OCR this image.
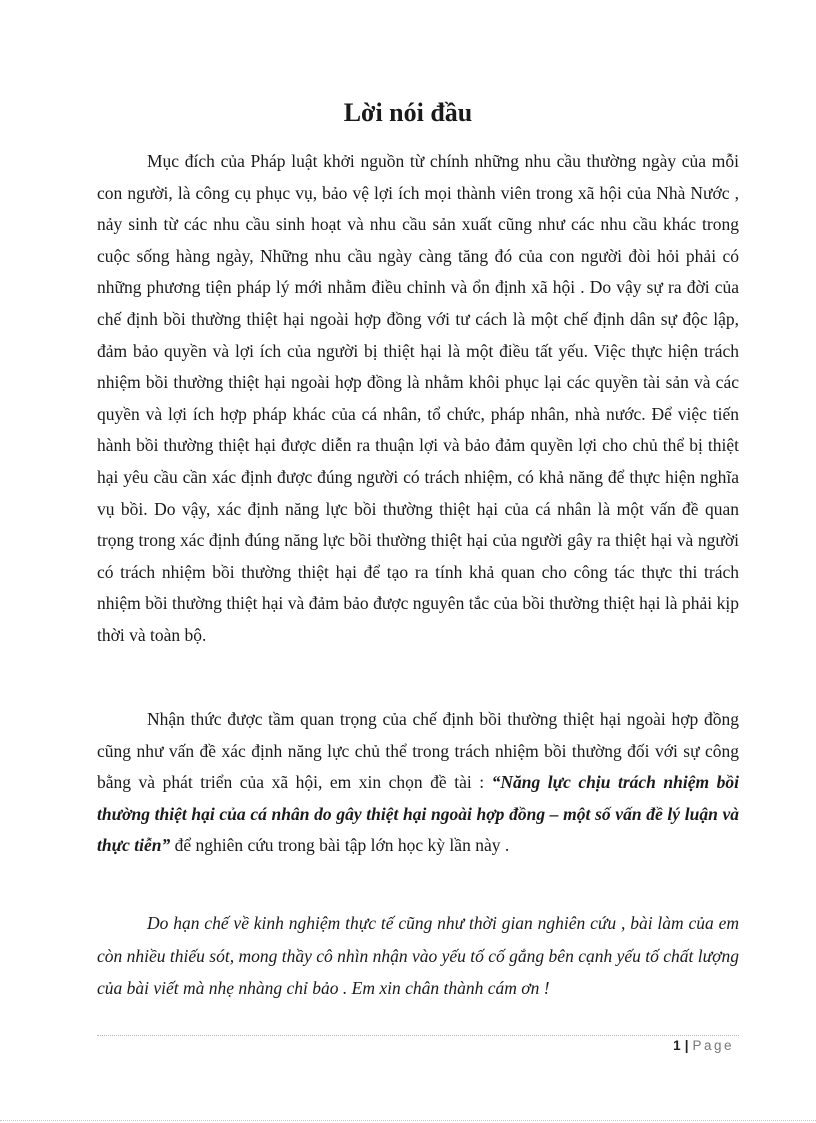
Lời nói đầu

Mục đích của Pháp luật khởi nguồn từ chính những nhu cầu thường ngày của mỗi con người, là công cụ phục vụ, bảo vệ lợi ích mọi thành viên trong xã hội của Nhà Nước , nảy sinh từ các nhu cầu sinh hoạt và nhu cầu sản xuất cũng như các nhu cầu khác trong cuộc sống hàng ngày, Những nhu cầu ngày càng tăng đó của con người đòi hỏi phải có những phương tiện pháp lý mới nhằm điều chỉnh và ổn định xã hội . Do vậy sự ra đời của chế định bồi thường thiệt hại ngoài hợp đồng với tư cách là một chế định dân sự độc lập, đảm bảo quyền và lợi ích của người bị thiệt hại là một điều tất yếu. Việc thực hiện trách nhiệm bồi thường thiệt hại ngoài hợp đồng là nhằm khôi phục lại các quyền tài sản và các quyền và lợi ích hợp pháp khác của cá nhân, tổ chức, pháp nhân, nhà nước. Để việc tiến hành bồi thường thiệt hại được diễn ra thuận lợi và bảo đảm quyền lợi cho chủ thể bị thiệt hại yêu cầu cần xác định được đúng người có trách nhiệm, có khả năng để thực hiện nghĩa vụ bồi. Do vậy, xác định năng lực bồi thường thiệt hại của cá nhân là một vấn đề quan trọng trong xác định đúng năng lực bồi thường thiệt hại của người gây ra thiệt hại và người có trách nhiệm bồi thường thiệt hại để tạo ra tính khả quan cho công tác thực thi trách nhiệm bồi thường thiệt hại và đảm bảo được nguyên tắc của bồi thường thiệt hại là phải kịp thời và toàn bộ.

Nhận thức được tầm quan trọng của chế định bồi thường thiệt hại ngoài hợp đồng cũng như vấn đề xác định năng lực chủ thể trong trách nhiệm bồi thường đối với sự công bằng và phát triển của xã hội, em xin chọn đề tài : “Năng lực chịu trách nhiệm bồi thường thiệt hại của cá nhân do gây thiệt hại ngoài hợp đồng – một số vấn đề lý luận và thực tiễn” để nghiên cứu trong bài tập lớn học kỳ lần này .

Do hạn chế về kinh nghiệm thực tế cũng như thời gian nghiên cứu , bài làm của em còn nhiều thiếu sót, mong thầy cô nhìn nhận vào yếu tố cố gắng bên cạnh yếu tố chất lượng của bài viết mà nhẹ nhàng chỉ bảo . Em xin chân thành cám ơn !

1 | Page
